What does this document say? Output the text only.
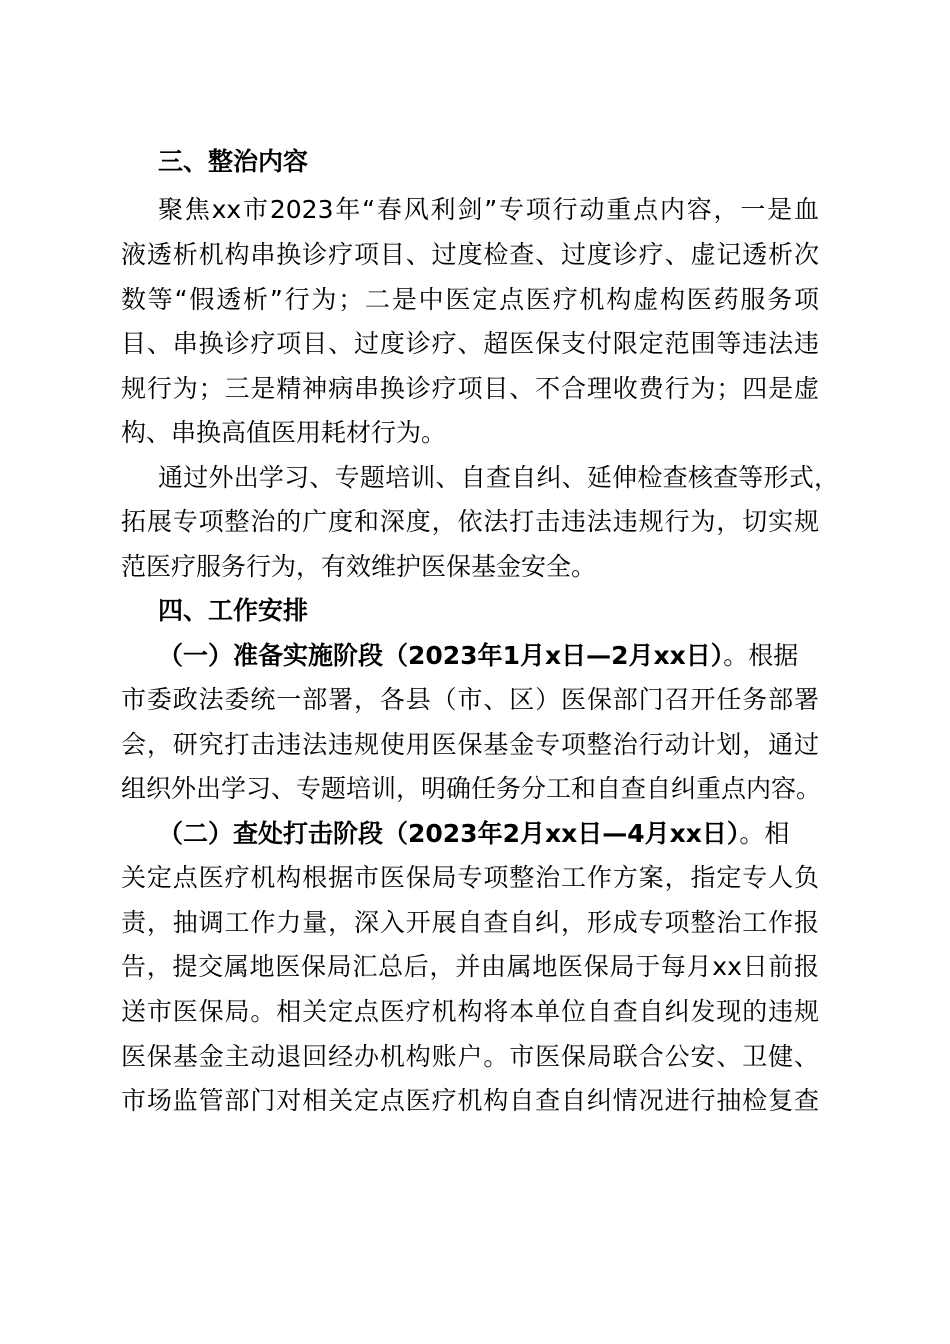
三、整治内容
聚焦xx市2023年“春风利剑”专项行动重点内容，一是血
液透析机构串换诊疗项目、过度检查、过度诊疗、虚记透析次
数等“假透析”行为；二是中医定点医疗机构虚构医药服务项
目、串换诊疗项目、过度诊疗、超医保支付限定范围等违法违
规行为；三是精神病串换诊疗项目、不合理收费行为；四是虚
构、串换高值医用耗材行为。
通过外出学习、专题培训、自查自纠、延伸检查核查等形式，
拓展专项整治的广度和深度，依法打击违法违规行为，切实规
范医疗服务行为，有效维护医保基金安全。
四、工作安排
（一）准备实施阶段（2023年1月x日—2月xx日）。根据
市委政法委统一部署，各县（市、区）医保部门召开任务部署
会，研究打击违法违规使用医保基金专项整治行动计划，通过
组织外出学习、专题培训，明确任务分工和自查自纠重点内容。
（二）查处打击阶段（2023年2月xx日—4月xx日）。相
关定点医疗机构根据市医保局专项整治工作方案，指定专人负
责，抽调工作力量，深入开展自查自纠，形成专项整治工作报
告，提交属地医保局汇总后，并由属地医保局于每月xx日前报
送市医保局。相关定点医疗机构将本单位自查自纠发现的违规
医保基金主动退回经办机构账户。市医保局联合公安、卫健、
市场监管部门对相关定点医疗机构自查自纠情况进行抽检复查
